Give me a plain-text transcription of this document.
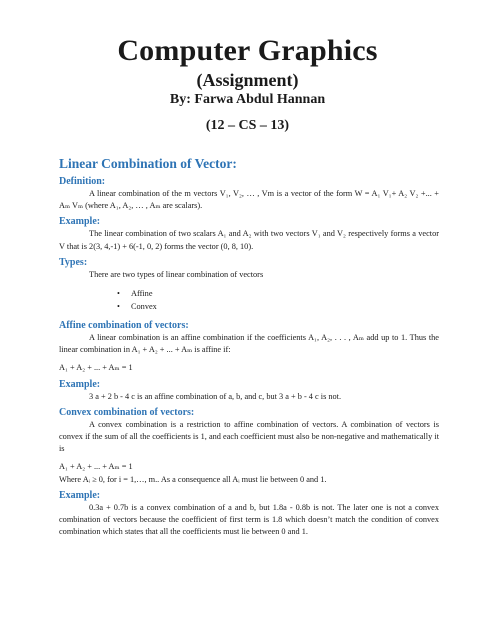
Computer Graphics
(Assignment)
By: Farwa Abdul Hannan
(12 – CS – 13)
Linear Combination of Vector:
Definition:
A linear combination of the m vectors V₁, V₂, … , Vm is a vector of the form W = A₁ V₁+ A₂ V₂ +... + Aₘ Vₘ (where A₁, A₂, … , Aₘ are scalars).
Example:
The linear combination of two scalars A₁ and A₂ with two vectors V₁ and V₂ respectively forms a vector V that is 2(3, 4,-1) + 6(-1, 0, 2) forms the vector (0, 8, 10).
Types:
There are two types of linear combination of vectors
• Affine
• Convex
Affine combination of vectors:
A linear combination is an affine combination if the coefficients A₁, A₂, . . . , Aₘ add up to 1. Thus the linear combination in A₁ + A₂ + ... + Aₘ is affine if:
A₁ + A₂ + ... + Aₘ = 1
Example:
3 a + 2 b - 4 c is an affine combination of a, b, and c, but 3 a + b - 4 c is not.
Convex combination of vectors:
A convex combination is a restriction to affine combination of vectors. A combination of vectors is convex if the sum of all the coefficients is 1, and each coefficient must also be non-negative and mathematically it is
A₁ + A₂ + ... + Aₘ = 1
Where Aᵢ ≥ 0, for i = 1,…, m.. As a consequence all Aᵢ must lie between 0 and 1.
Example:
0.3a + 0.7b is a convex combination of a and b, but 1.8a - 0.8b is not. The later one is not a convex combination of vectors because the coefficient of first term is 1.8 which doesn’t match the condition of convex combination which states that all the coefficients must lie between 0 and 1.
